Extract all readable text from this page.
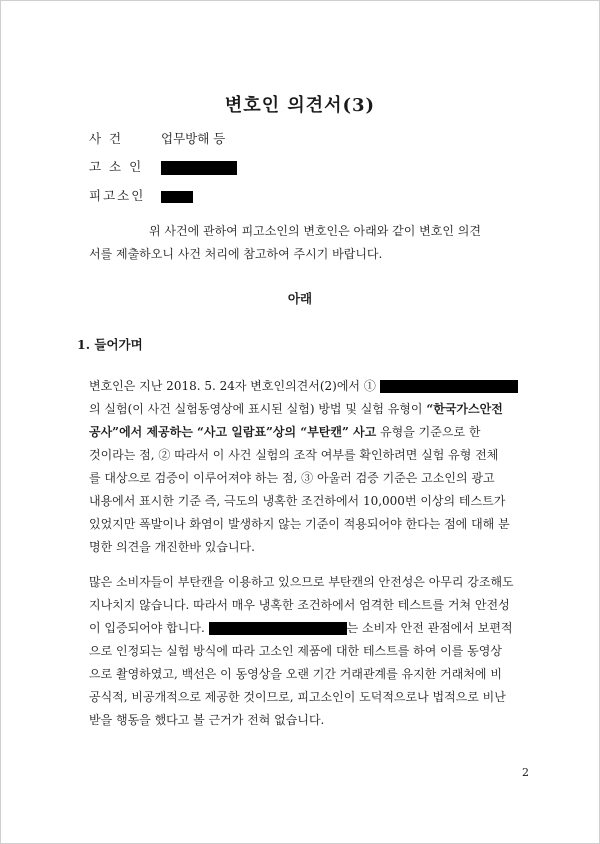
변호인 의견서(3)
사 건	업무방해 등
고 소 인
피고소인
위 사건에 관하여 피고소인의 변호인은 아래와 같이 변호인 의견
서를 제출하오니 사건 처리에 참고하여 주시기 바랍니다.
아래
1. 들어가며
변호인은 지난 2018. 5. 24자 변호인의견서(2)에서 ①
의 실험(이 사건 실험동영상에 표시된 실험) 방법 및 실험 유형이 “한국가스안전
공사”에서 제공하는 “사고 일람표”상의 “부탄캔” 사고 유형을 기준으로 한
것이라는 점, ② 따라서 이 사건 실험의 조작 여부를 확인하려면 실험 유형 전체
를 대상으로 검증이 이루어져야 하는 점, ③ 아울러 검증 기준은 고소인의 광고
내용에서 표시한 기준 즉, 극도의 냉혹한 조건하에서 10,000번 이상의 테스트가
있었지만 폭발이나 화염이 발생하지 않는 기준이 적용되어야 한다는 점에 대해 분
명한 의견을 개진한바 있습니다.
많은 소비자들이 부탄캔을 이용하고 있으므로 부탄캔의 안전성은 아무리 강조해도
지나치지 않습니다. 따라서 매우 냉혹한 조건하에서 엄격한 테스트를 거쳐 안전성
이 입증되어야 합니다.	는 소비자 안전 관점에서 보편적
으로 인정되는 실험 방식에 따라 고소인 제품에 대한 테스트를 하여 이를 동영상
으로 촬영하였고, 백선은 이 동영상을 오랜 기간 거래관계를 유지한 거래처에 비
공식적, 비공개적으로 제공한 것이므로, 피고소인이 도덕적으로나 법적으로 비난
받을 행동을 했다고 볼 근거가 전혀 없습니다.
2
